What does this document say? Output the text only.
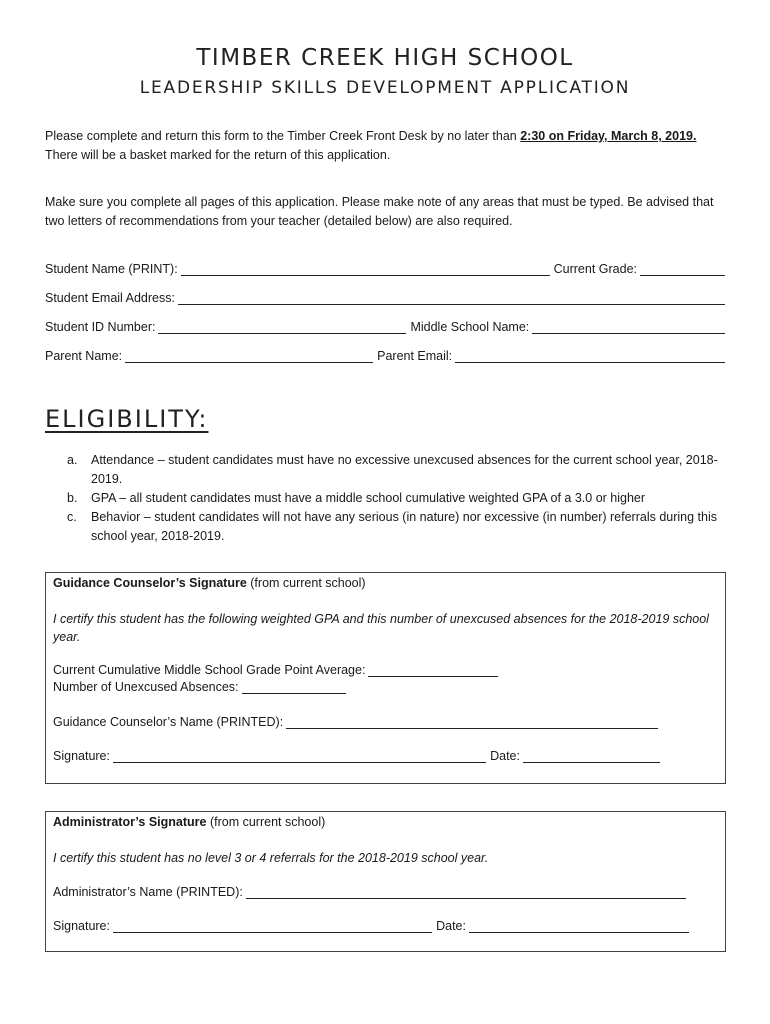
TIMBER CREEK HIGH SCHOOL
LEADERSHIP SKILLS DEVELOPMENT APPLICATION
Please complete and return this form to the Timber Creek Front Desk by no later than 2:30 on Friday, March 8, 2019.
There will be a basket marked for the return of this application.
Make sure you complete all pages of this application. Please make note of any areas that must be typed. Be advised that two letters of recommendations from your teacher (detailed below) are also required.
Student Name (PRINT):	Current Grade:
Student Email Address:
Student ID Number:	Middle School Name:
Parent Name:	Parent Email:
ELIGIBILITY:
a.	Attendance – student candidates must have no excessive unexcused absences for the current school year, 2018-2019.
b.	GPA – all student candidates must have a middle school cumulative weighted GPA of a 3.0 or higher
c.	Behavior – student candidates will not have any serious (in nature) nor excessive (in number) referrals during this school year, 2018-2019.
Guidance Counselor’s Signature (from current school)
I certify this student has the following weighted GPA and this number of unexcused absences for the 2018-2019 school year.
Current Cumulative Middle School Grade Point Average:
Number of Unexcused Absences:
Guidance Counselor’s Name (PRINTED):
Signature:	Date:
Administrator’s Signature (from current school)
I certify this student has no level 3 or 4 referrals for the 2018-2019 school year.
Administrator’s Name (PRINTED):
Signature:	Date:
